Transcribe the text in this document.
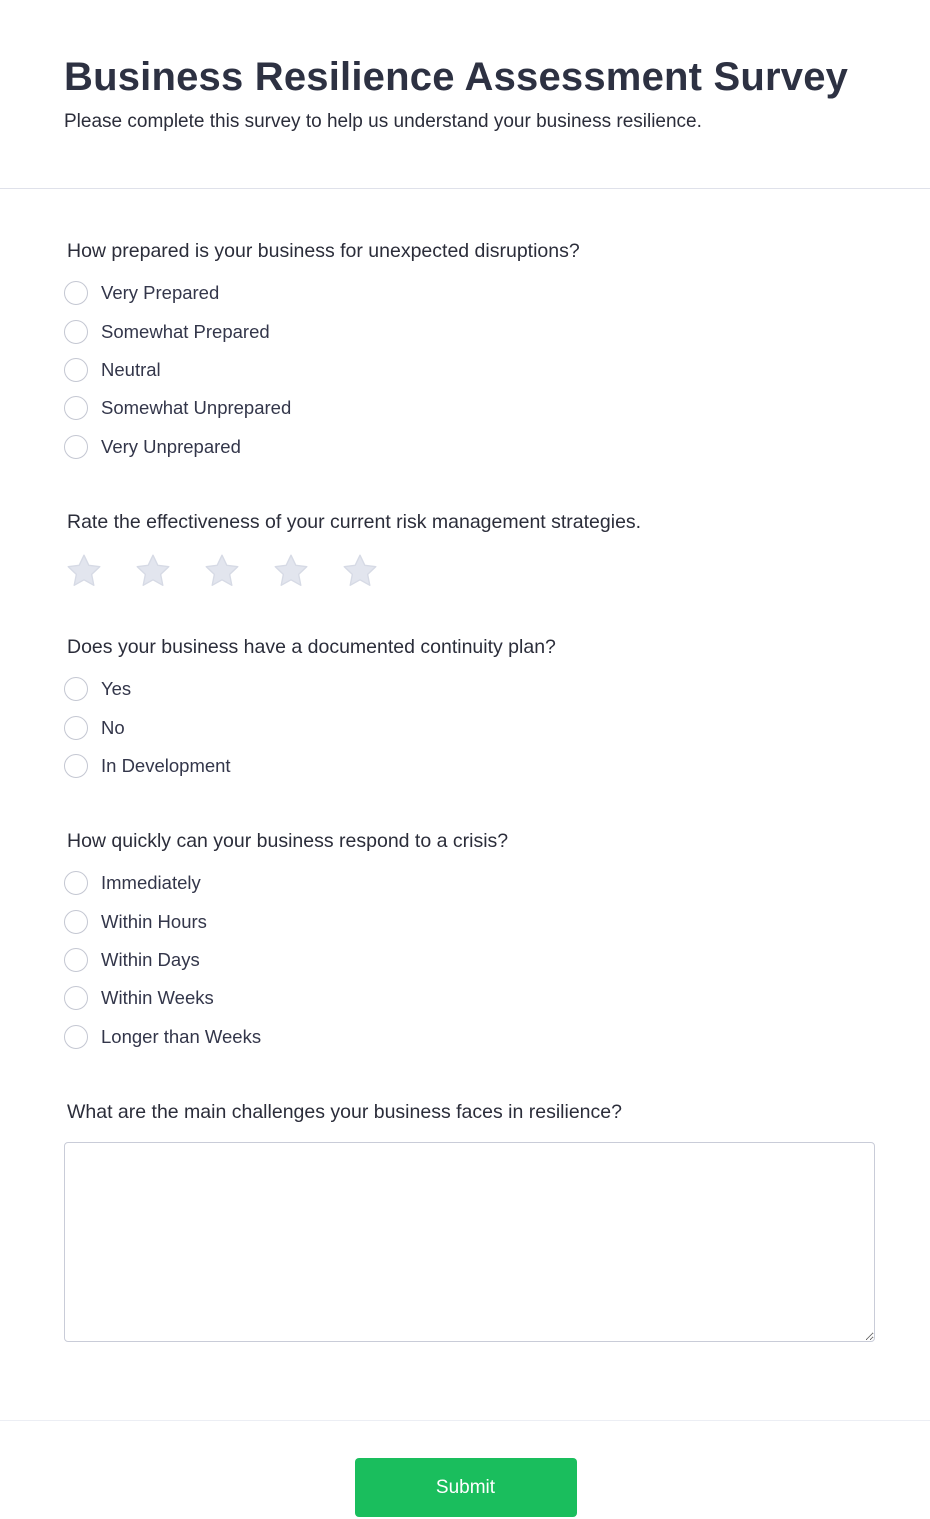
Business Resilience Assessment Survey

Please complete this survey to help us understand your business resilience.

How prepared is your business for unexpected disruptions?
Very Prepared
Somewhat Prepared
Neutral
Somewhat Unprepared
Very Unprepared
Rate the effectiveness of your current risk management strategies.
Does your business have a documented continuity plan?
Yes
No
In Development
How quickly can your business respond to a crisis?
Immediately
Within Hours
Within Days
Within Weeks
Longer than Weeks
What are the main challenges your business faces in resilience?
Submit
